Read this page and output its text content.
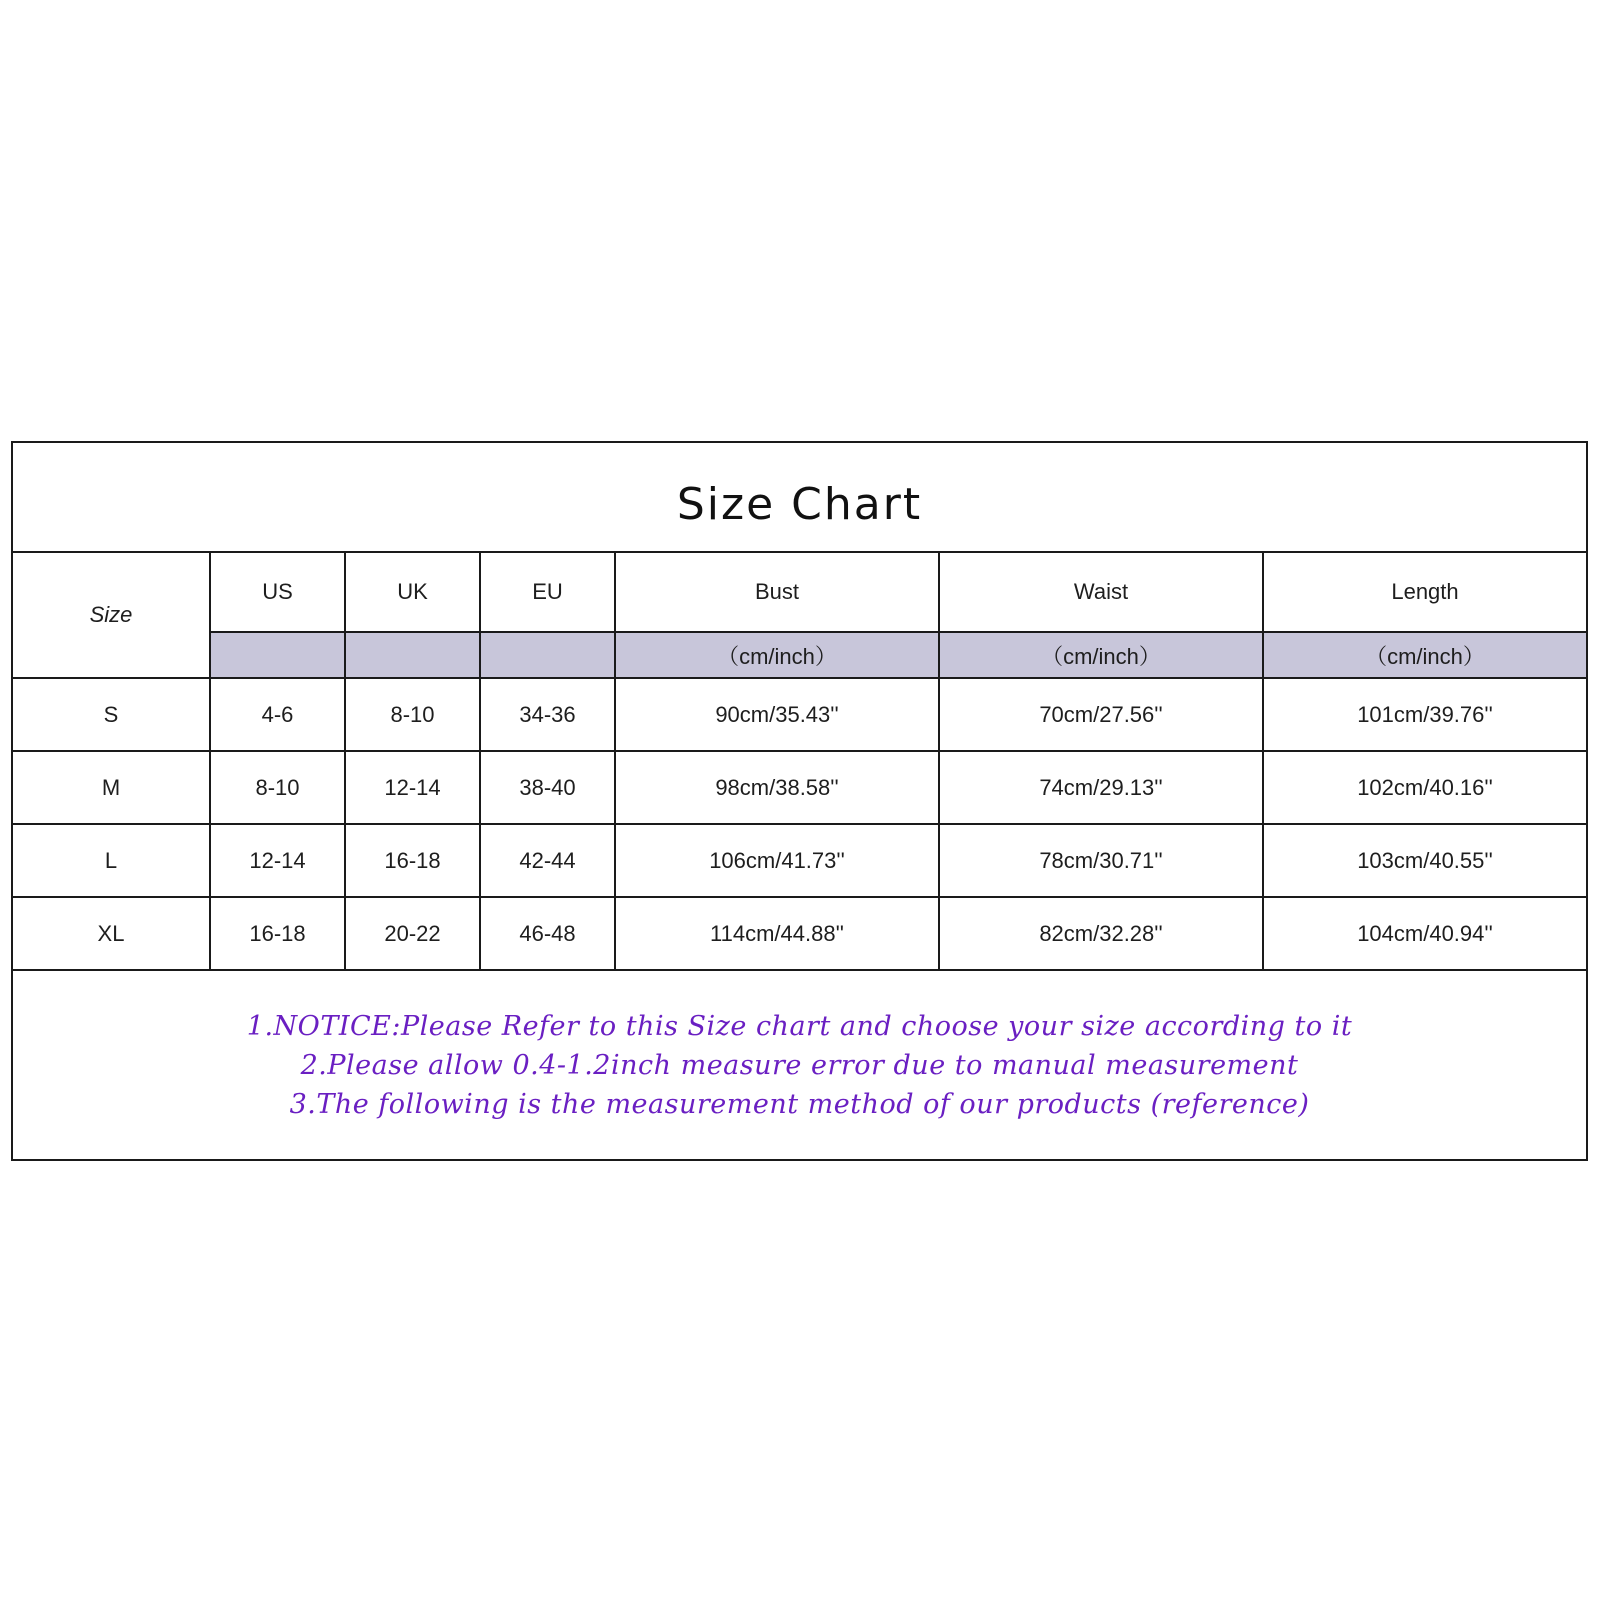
Size Chart
Size	US	UK	EU	Bust	Waist	Length
				（cm/inch）	（cm/inch）	（cm/inch）
S	4-6	8-10	34-36	90cm/35.43''	70cm/27.56''	101cm/39.76''
M	8-10	12-14	38-40	98cm/38.58''	74cm/29.13''	102cm/40.16''
L	12-14	16-18	42-44	106cm/41.73''	78cm/30.71''	103cm/40.55''
XL	16-18	20-22	46-48	114cm/44.88''	82cm/32.28''	104cm/40.94''
1.NOTICE:Please Refer to this Size chart and choose your size according to it
2.Please allow 0.4-1.2inch measure error due to manual measurement
3.The following is the measurement method of our products (reference)
